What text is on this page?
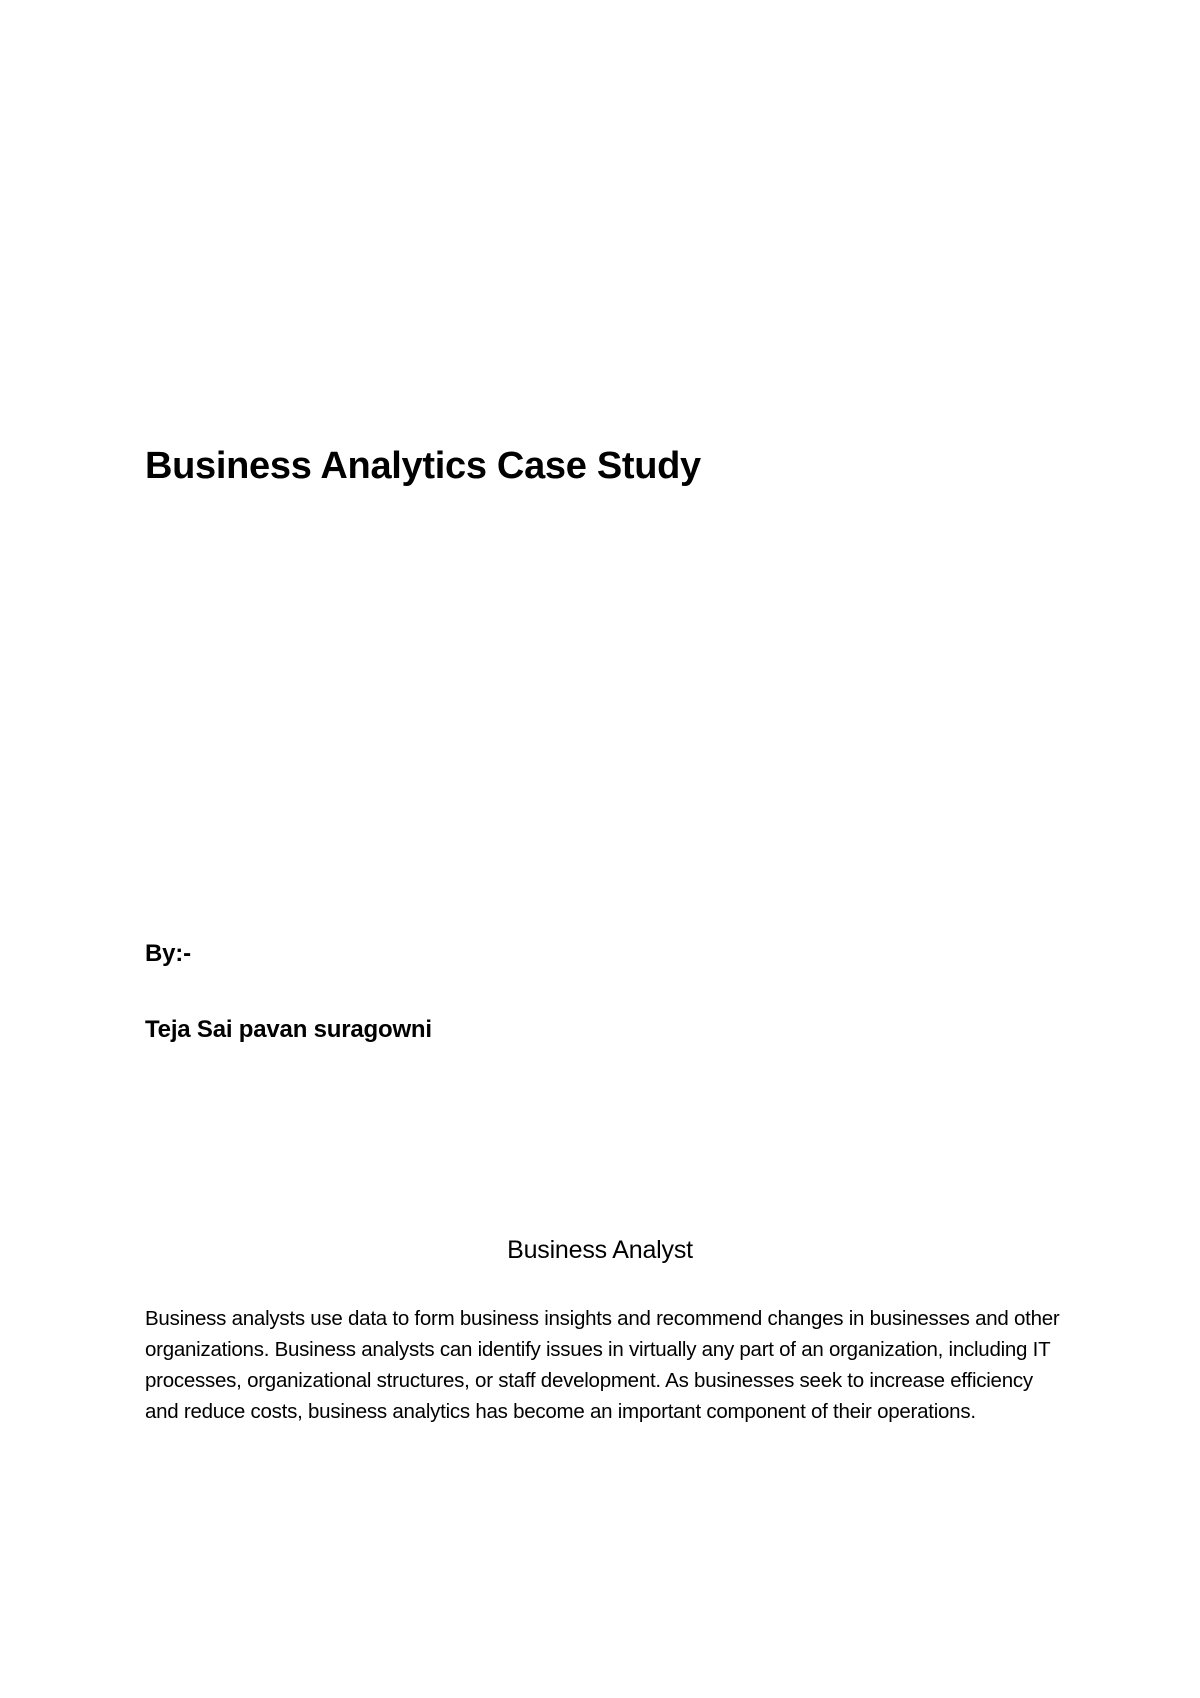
Business Analytics Case Study
By:-
Teja Sai pavan suragowni
Business Analyst

Business analysts use data to form business insights and recommend changes in businesses and other organizations. Business analysts can identify issues in virtually any part of an organization, including IT processes, organizational structures, or staff development. As businesses seek to increase efficiency and reduce costs, business analytics has become an important component of their operations.
